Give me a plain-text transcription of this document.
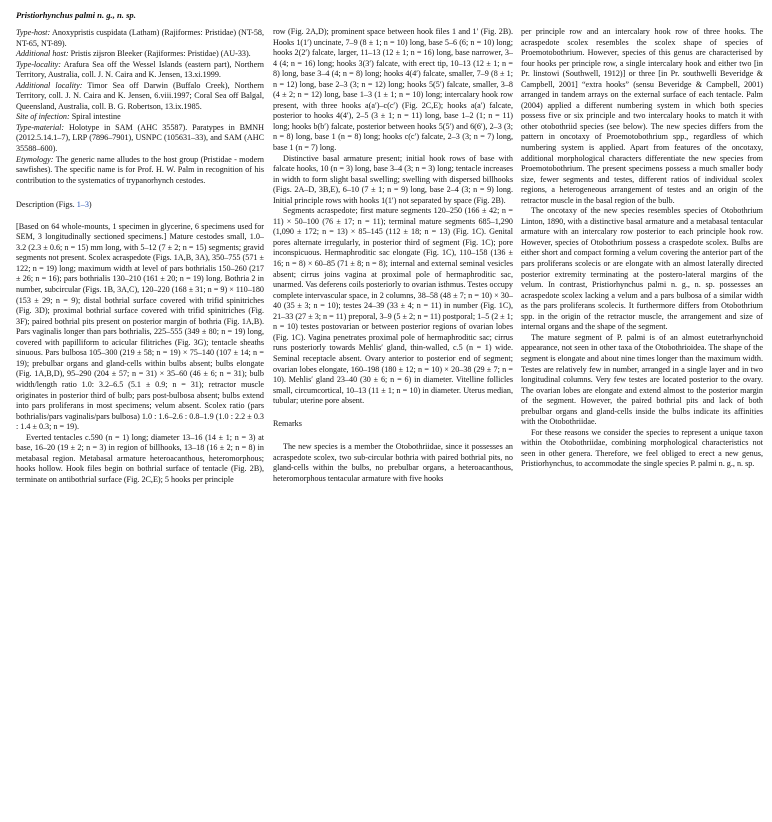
Pristiorhynchus palmi n. g., n. sp.

Type-host: Anoxypristis cuspidata (Latham) (Rajiformes: Pristidae) (NT-58, NT-65, NT-89).

Additional host: Pristis zijsron Bleeker (Rajiformes: Pristidae) (AU-33).

Type-locality: Arafura Sea off the Wessel Islands (eastern part), Northern Territory, Australia, coll. J. N. Caira and K. Jensen, 13.xi.1999.

Additional locality: Timor Sea off Darwin (Buffalo Creek), Northern Territory, coll. J. N. Caira and K. Jensen, 6.viii.1997; Coral Sea off Balgal, Queensland, Australia, coll. B. G. Robertson, 13.ix.1985.

Site of infection: Spiral intestine

Type-material: Holotype in SAM (AHC 35587). Paratypes in BMNH (2012.5.14.1–7), LRP (7896–7901), USNPC (105631–33), and SAM (AHC 35588–600).

Etymology: The generic name alludes to the host group (Pristidae - modern sawfishes). The specific name is for Prof. H. W. Palm in recognition of his contribution to the systematics of trypanorhynch cestodes.

Description (Figs. 1–3)

[Based on 64 whole-mounts, 1 specimen in glycerine, 6 specimens used for SEM, 3 longitudinally sectioned specimens.] Mature cestodes small, 1.0–3.2 (2.3 ± 0.6; n = 15) mm long, with 5–12 (7 ± 2; n = 15) segments; gravid segments not present. Scolex acraspedote (Figs. 1A,B, 3A), 350–755 (571 ± 122; n = 19) long; maximum width at level of pars bothrialis 150–260 (217 ± 26; n = 16); pars bothrialis 130–210 (161 ± 20; n = 19) long. Bothria 2 in number, subcircular (Figs. 1B, 3A,C), 120–220 (168 ± 31; n = 9) × 110–180 (153 ± 29; n = 9); distal bothrial surface covered with trifid spinitriches (Fig. 3D); proximal bothrial surface covered with trifid spinitriches (Fig. 3F); paired bothrial pits present on posterior margin of bothria (Fig. 1A,B). Pars vaginalis longer than pars bothrialis, 225–555 (349 ± 80; n = 19) long, covered with papilliform to acicular filitriches (Fig. 3G); tentacle sheaths sinuous. Pars bulbosa 105–300 (219 ± 58; n = 19) × 75–140 (107 ± 14; n = 19); prebulbar organs and gland-cells within bulbs absent; bulbs elongate (Fig. 1A,B,D), 95–290 (204 ± 57; n = 31) × 35–60 (46 ± 6; n = 31); bulb width/length ratio 1.0: 3.2–6.5 (5.1 ± 0.9; n = 31); retractor muscle originates in posterior third of bulb; pars post-bulbosa absent; bulbs extend into pars proliferans in most specimens; velum absent. Scolex ratio (pars bothrialis/pars vaginalis/pars bulbosa) 1.0 : 1.6–2.6 : 0.8–1.9 (1.0 : 2.2 ± 0.3 : 1.4 ± 0.3; n = 19).

Everted tentacles c.590 (n = 1) long; diameter 13–16 (14 ± 1; n = 3) at base, 16–20 (19 ± 2; n = 3) in region of billhooks, 13–18 (16 ± 2; n = 8) in metabasal region. Metabasal armature heteroacanthous, heteromorphous; hooks hollow. Hook files begin on bothrial surface of tentacle (Fig. 2B), terminate on antibothrial surface (Fig. 2C,E); 5 hooks per principle

row (Fig. 2A,D); prominent space between hook files 1 and 1′ (Fig. 2B). Hooks 1(1′) uncinate, 7–9 (8 ± 1; n = 10) long, base 5–6 (6; n = 10) long; hooks 2(2′) falcate, larger, 11–13 (12 ± 1; n = 16) long, base narrower, 3–4 (4; n = 16) long; hooks 3(3′) falcate, with erect tip, 10–13 (12 ± 1; n = 8) long, base 3–4 (4; n = 8) long; hooks 4(4′) falcate, smaller, 7–9 (8 ± 1; n = 12) long, base 2–3 (3; n = 12) long; hooks 5(5′) falcate, smaller, 3–8 (4 ± 2; n = 12) long, base 1–3 (1 ± 1; n = 10) long; intercalary hook row present, with three hooks a(a′)–c(c′) (Fig. 2C,E); hooks a(a′) falcate, posterior to hooks 4(4′), 2–5 (3 ± 1; n = 11) long, base 1–2 (1; n = 11) long; hooks b(b′) falcate, posterior between hooks 5(5′) and 6(6′), 2–3 (3; n = 8) long, base 1 (n = 8) long; hooks c(c′) falcate, 2–3 (3; n = 7) long, base 1 (n = 7) long.

Distinctive basal armature present; initial hook rows of base with falcate hooks, 10 (n = 3) long, base 3–4 (3; n = 3) long; tentacle increases in width to form slight basal swelling; swelling with dispersed billhooks (Figs. 2A–D, 3B,E), 6–10 (7 ± 1; n = 9) long, base 2–4 (3; n = 9) long. Initial principle rows with hooks 1(1′) not separated by space (Fig. 2B).

Segments acraspedote; first mature segments 120–250 (166 ± 42; n = 11) × 50–100 (76 ± 17; n = 11); terminal mature segments 685–1,290 (1,090 ± 172; n = 13) × 85–145 (112 ± 18; n = 13) (Fig. 1C). Genital pores alternate irregularly, in posterior third of segment (Fig. 1C); pore inconspicuous. Hermaphroditic sac elongate (Fig. 1C), 110–158 (136 ± 16; n = 8) × 60–85 (71 ± 8; n = 8); internal and external seminal vesicles absent; cirrus joins vagina at proximal pole of hermaphroditic sac, unarmed. Vas deferens coils posteriorly to ovarian isthmus. Testes occupy complete intervascular space, in 2 columns, 38–58 (48 ± 7; n = 10) × 30–40 (35 ± 3; n = 10); testes 24–39 (33 ± 4; n = 11) in number (Fig. 1C), 21–33 (27 ± 3; n = 11) preporal, 3–9 (5 ± 2; n = 11) postporal; 1–5 (2 ± 1; n = 10) testes postovarian or between posterior regions of ovarian lobes (Fig. 1C). Vagina penetrates proximal pole of hermaphroditic sac; cirrus runs posteriorly towards Mehlis′ gland, thin-walled, c.5 (n = 1) wide. Seminal receptacle absent. Ovary anterior to posterior end of segment; ovarian lobes elongate, 160–198 (180 ± 12; n = 10) × 20–38 (29 ± 7; n = 10). Mehlis′ gland 23–40 (30 ± 6; n = 6) in diameter. Vitelline follicles small, circumcortical, 10–13 (11 ± 1; n = 10) in diameter. Uterus median, tubular; uterine pore absent.

Remarks

The new species is a member the Otobothriidae, since it possesses an acraspedote scolex, two sub-circular bothria with paired bothrial pits, no gland-cells within the bulbs, no prebulbar organs, a heteroacanthous, heteromorphous tentacular armature with five hooks

per principle row and an intercalary hook row of three hooks. The acraspedote scolex resembles the scolex shape of species of Proemotobothrium. However, species of this genus are characterised by four hooks per principle row, a single intercalary hook and either two [in Pr. linstowi (Southwell, 1912)] or three [in Pr. southwelli Beveridge & Campbell, 2001] “extra hooks” (sensu Beveridge & Campbell, 2001) arranged in tandem arrays on the external surface of each tentacle. Palm (2004) applied a different numbering system in which both species possess five or six principle and two intercalary hooks to match it with other otobothriid species (see below). The new species differs from the pattern in oncotaxy of Proemotobothrium spp., regardless of which numbering system is applied. Apart from features of the oncotaxy, additional morphological characters differentiate the new species from Proemotobothrium. The present specimens possess a much smaller body size, fewer segments and testes, different ratios of individual scolex regions, a heterogeneous arrangement of testes and an origin of the retractor muscle in the basal region of the bulb.

The oncotaxy of the new species resembles species of Otobothrium Linton, 1890, with a distinctive basal armature and a metabasal tentacular armature with an intercalary row posterior to each principle hook row. However, species of Otobothrium possess a craspedote scolex. Bulbs are either short and compact forming a velum covering the anterior part of the pars proliferans scolecis or are elongate with an almost laterally directed posterior extremity terminating at the postero-lateral margins of the velum. In contrast, Pristiorhynchus palmi n. g., n. sp. possesses an acraspedote scolex lacking a velum and a pars bulbosa of a similar width as the pars proliferans scolecis. It furthermore differs from Otobothrium spp. in the origin of the retractor muscle, the arrangement and size of internal organs and the shape of the segment.

The mature segment of P. palmi is of an almost eutetrarhynchoid appearance, not seen in other taxa of the Otobothrioidea. The shape of the segment is elongate and about nine times longer than the maximum width. Testes are relatively few in number, arranged in a single layer and in two longitudinal columns. Very few testes are located posterior to the ovary. The ovarian lobes are elongate and extend almost to the posterior margin of the segment. However, the paired bothrial pits and lack of both prebulbar organs and gland-cells inside the bulbs indicate its affinities with the Otobothriidae.

For these reasons we consider the species to represent a unique taxon within the Otobothriidae, combining morphological characteristics not seen in other genera. Therefore, we feel obliged to erect a new genus, Pristiorhynchus, to accommodate the single species P. palmi n. g., n. sp.
